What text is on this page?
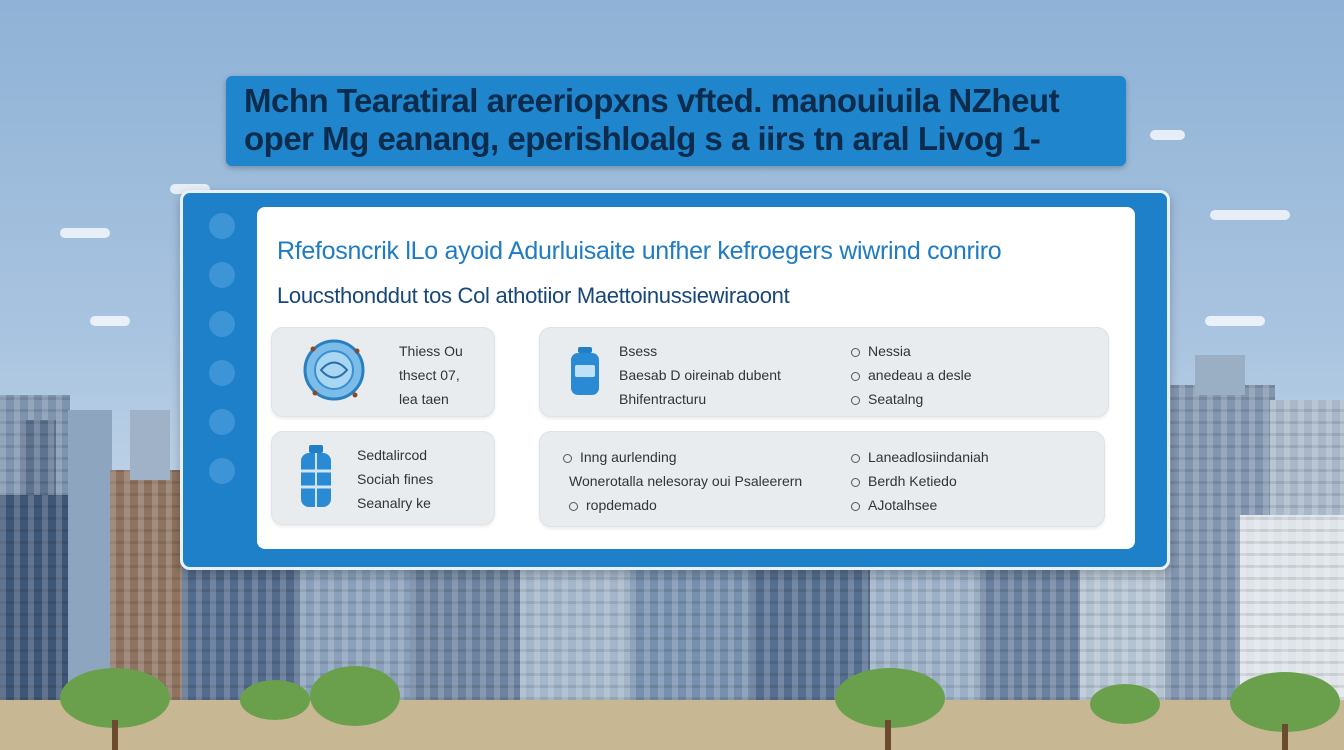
Mchn Tearatiral areeriopxns vfted. manouiuila NZheut
oper Mg eanang, eperishloalg s a iirs tn aral Livog 1-
Rfefosncrik lLo ayoid Adurluisaite unfher kefroegers wiwrind conriro
Loucsthonddut tos Col athotiior Maettoinussiewiraoont
Thiess Ou
thsect 07,
lea taen
Bsess
Baesab D oireinab dubent
Bhifentracturu
Nessia
anedeau a desle
Seatalng
Sedtalircod
Sociah fines
Seanalry ke
Inng aurlending
Wonerotalla nelesoray oui Psaleerern
ropdemado
Laneadlosiindaniah
Berdh Ketiedo
AJotalhsee
